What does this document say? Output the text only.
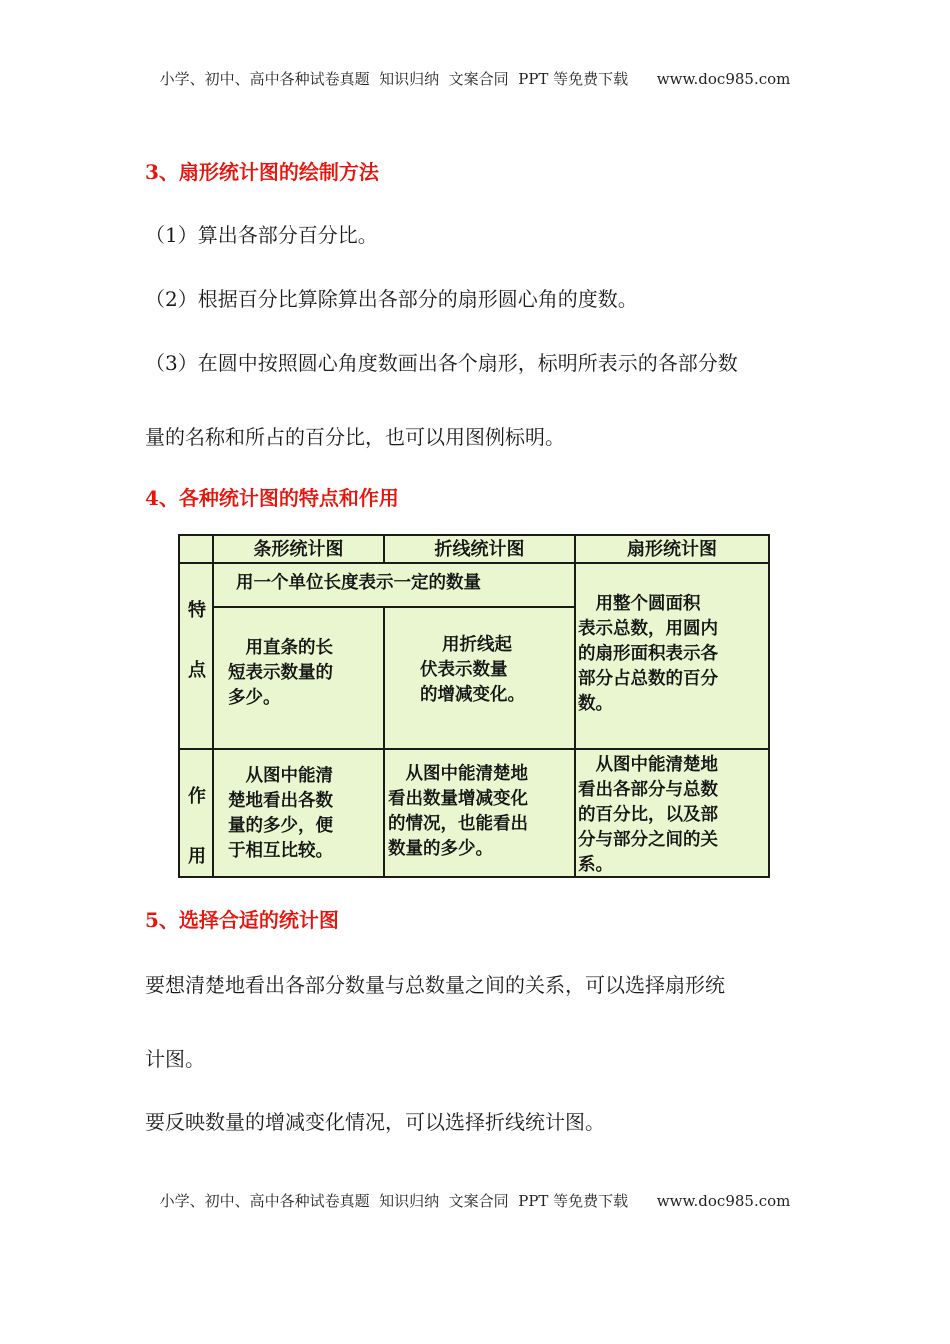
小学、初中、高中各种试卷真题  知识归纳  文案合同  PPT 等免费下载      www.doc985.com
3、扇形统计图的绘制方法
（1）算出各部分百分比。
（2）根据百分比算除算出各部分的扇形圆心角的度数。
（3）在圆中按照圆心角度数画出各个扇形，标明所表示的各部分数
量的名称和所占的百分比，也可以用图例标明。
4、各种统计图的特点和作用
条形统计图	折线统计图	扇形统计图
特
点
作
用
用一个单位长度表示一定的数量
　用直条的长
短表示数量的
多少。
用折线起
伏表示数量
的增减变化。
　用整个圆面积
表示总数，用圆内
的扇形面积表示各
部分占总数的百分
数。
　从图中能清
楚地看出各数
量的多少，便
于相互比较。
　从图中能清楚地
看出数量增减变化
的情况，也能看出
数量的多少。
　从图中能清楚地
看出各部分与总数
的百分比，以及部
分与部分之间的关
系。
5、选择合适的统计图
要想清楚地看出各部分数量与总数量之间的关系，可以选择扇形统
计图。
要反映数量的增减变化情况，可以选择折线统计图。
小学、初中、高中各种试卷真题  知识归纳  文案合同  PPT 等免费下载      www.doc985.com
